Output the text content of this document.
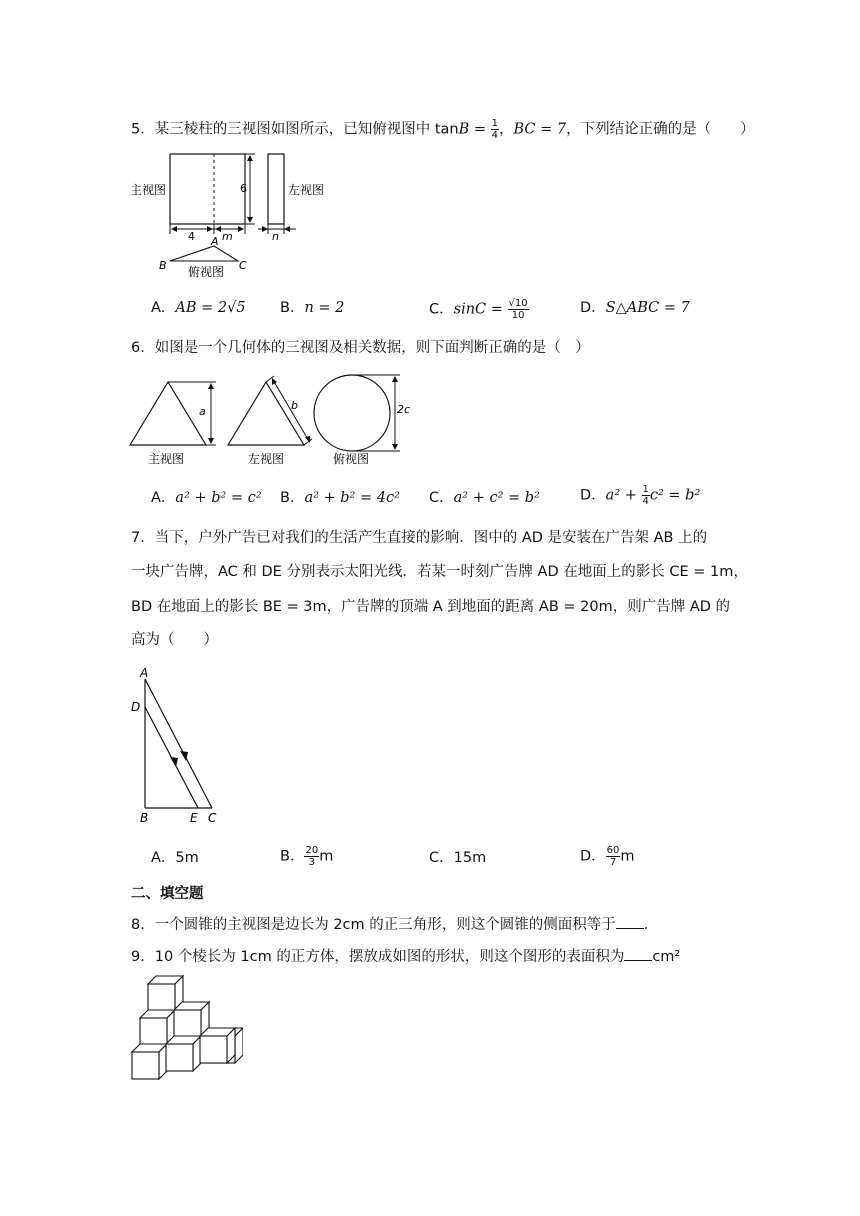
5．某三棱柱的三视图如图所示，已知俯视图中 $\tan B = \frac{1}{4}$ ，BC = 7，下列结论正确的是（　　）
6
主视图	左视图
4 m	n
A
B	C
俯视图
A．AB = 2√5 B．n = 2	C．$\sin C = \frac{√10}{10}$	D．S△ABC = 7
6．如图是一个几何体的三视图及相关数据，则下面判断正确的是（　）
a	b	2c
主视图	左视图	俯视图
A．a² + b² = c² B．a² + b² = 4c² C．a² + c² = b²	D．$a^2 + \frac{1}{4} c^2 = b^2$
7．当下，户外广告已对我们的生活产生直接的影响．图中的 AD 是安装在广告架 AB 上的
一块广告牌，AC 和 DE 分别表示太阳光线．若某一时刻广告牌 AD 在地面上的影长 CE = 1m，
BD 在地面上的影长 BE = 3m，广告牌的顶端 A 到地面的距离 AB = 20m，则广告牌 AD 的
高为（　　）
A
D
B	E C
A．5m	B． $\frac{20}{3}$ m	C．15m	D． $\frac{60}{7}$ m
二、填空题
8．一个圆锥的主视图是边长为 2cm 的正三角形，则这个圆锥的侧面积等于 ．
9．10 个棱长为 1cm 的正方体，摆放成如图的形状，则这个图形的表面积为 cm²
